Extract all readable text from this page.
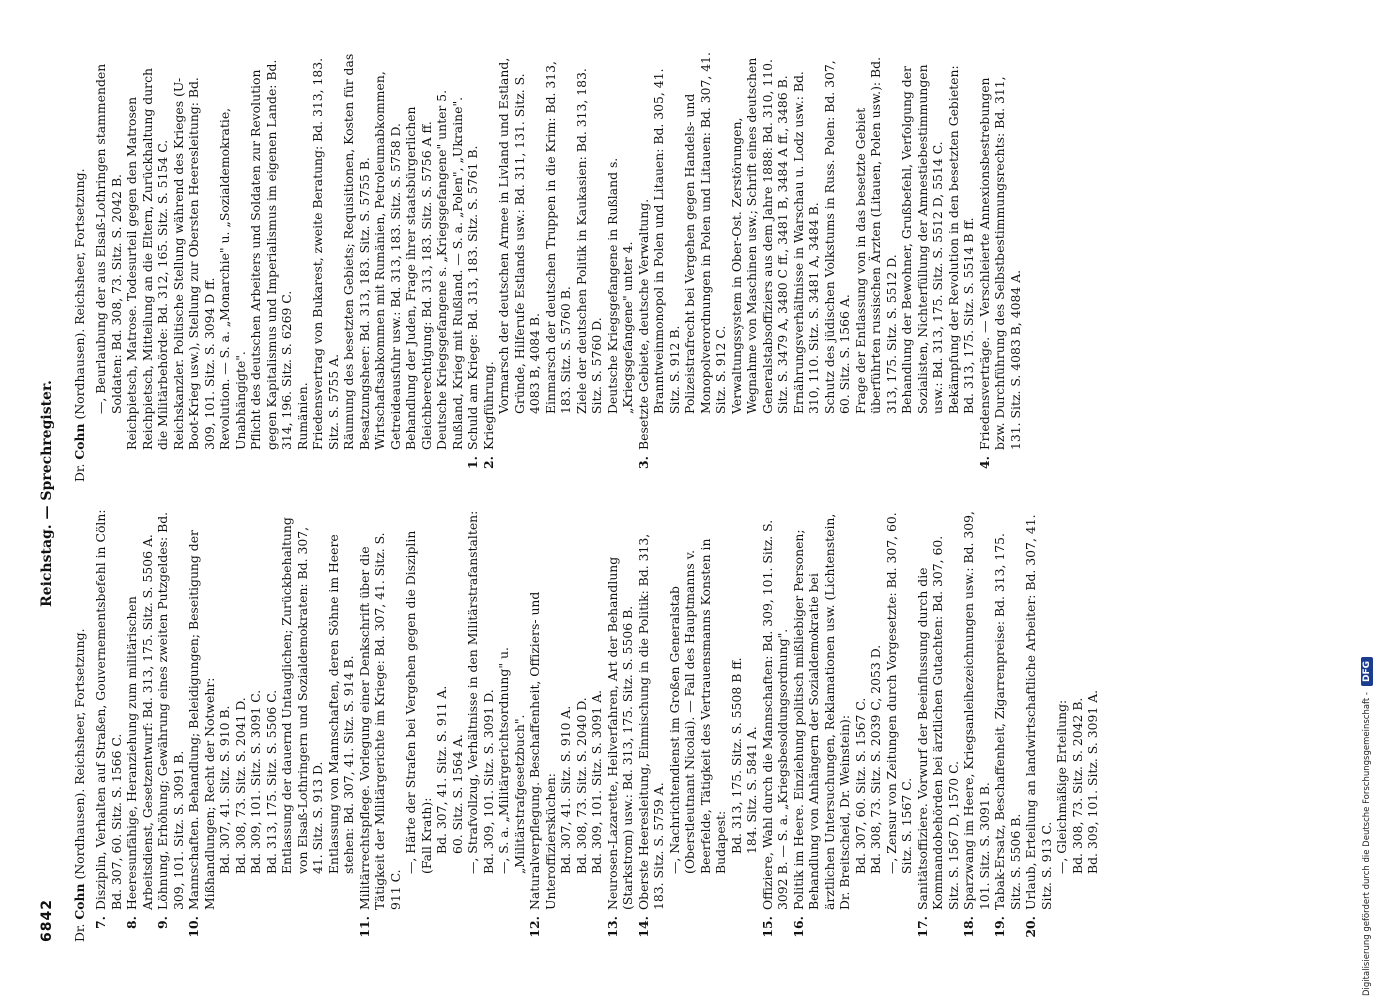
6842
Reichstag. — Sprechregister.
Dr. Cohn (Nordhausen). Reichsheer, Fortsetzung.
7.
Disziplin, Verhalten auf Straßen, Gouvernementsbefehl in Cöln: Bd. 307, 60. Sitz. S. 1566 C.
8.
Heeresunfähige, Heranziehung zum militärischen Arbeitsdienst, Gesetzentwurf: Bd. 313, 175. Sitz. S. 5506 A.
9.
Löhnung, Erhöhung; Gewährung eines zweiten Putzgeldes: Bd. 309, 101. Sitz. S. 3091 B.
10.
Mannschaften. Behandlung; Beleidigungen; Beseitigung der Mißhandlungen; Recht der Notwehr: Bd. 307, 41. Sitz. S. 910 B. Bd. 308, 73. Sitz. S. 2041 D. Bd. 309, 101. Sitz. S. 3091 C. Bd. 313, 175. Sitz. S. 5506 C. Entlassung der dauernd Untauglichen; Zurückbehaltung von Elsaß-Lothringern und Sozialdemokraten: Bd. 307, 41. Sitz. S. 913 D. Entlassung von Mannschaften, deren Söhne im Heere stehen: Bd. 307, 41. Sitz. S. 914 B.
11.
Militärrechtspflege. Vorlegung einer Denkschrift über die Tätigkeit der Militärgerichte im Kriege: Bd. 307, 41. Sitz. S. 911 C.
—, Härte der Strafen bei Vergehen gegen die Disziplin (Fall Krath): Bd. 307, 41. Sitz. S. 911 A. 60. Sitz. S. 1564 A. —, Strafvollzug, Verhältnisse in den Militärstrafanstalten: Bd. 309, 101. Sitz. S. 3091 D. —, S. a. „Militärgerichtsordnung" u. „Militärstrafgesetzbuch".
12.
Naturalverpflegung. Beschaffenheit, Offiziers- und Unteroffiziersküchen: Bd. 307, 41. Sitz. S. 910 A. Bd. 308, 73. Sitz. S. 2040 D. Bd. 309, 101. Sitz. S. 3091 A.
13.
Neurosen-Lazarette, Heilverfahren, Art der Behandlung (Starkstrom) usw.: Bd. 313, 175. Sitz. S. 5506 B.
14.
Oberste Heeresleitung, Einmischung in die Politik: Bd. 313, 183. Sitz. S. 5759 A. —, Nachrichtendienst im Großen Generalstab (Oberstleutnant Nicolai). — Fall des Hauptmanns v. Beerfelde, Tätigkeit des Vertrauensmanns Konsten in Budapest: Bd. 313, 175. Sitz. S. 5508 B ff. 184. Sitz. S. 5841 A.
15.
Offiziere, Wahl durch die Mannschaften: Bd. 309, 101. Sitz. S. 3092 B. — S. a. „Kriegsbesoldungsordnung".
16.
Politik im Heere. Einziehung politisch mißliebiger Personen; Behandlung von Anhängern der Sozialdemokratie bei ärztlichen Untersuchungen, Reklamationen usw. (Lichtenstein, Dr. Breitscheid, Dr. Weinstein): Bd. 307, 60. Sitz. S. 1567 C. Bd. 308, 73. Sitz. S. 2039 C, 2053 D. —, Zensur von Zeitungen durch Vorgesetzte: Bd. 307, 60. Sitz. S. 1567 C.
17.
Sanitätsoffiziere. Vorwurf der Beeinflussung durch die Kommandobehörden bei ärztlichen Gutachten: Bd. 307, 60. Sitz. S. 1567 D, 1570 C.
18.
Sparzwang im Heere, Kriegsanleihezeichnungen usw.: Bd. 309, 101. Sitz. S. 3091 B.
19.
Tabak-Ersatz, Beschaffenheit, Zigarrenpreise: Bd. 313, 175. Sitz. S. 5506 B.
20.
Urlaub, Erteilung an landwirtschaftliche Arbeiter: Bd. 307, 41. Sitz. S. 913 C. —, Gleichmäßige Erteilung: Bd. 308, 73. Sitz. S. 2042 B. Bd. 309, 101. Sitz. S. 3091 A.
Dr. Cohn (Nordhausen). Reichsheer, Fortsetzung. —, Beurlaubung der aus Elsaß-Lothringen stammenden Soldaten: Bd. 308, 73. Sitz. S. 2042 B. Reichpietsch, Matrose. Todesurteil gegen den Matrosen Reichpietsch, Mitteilung an die Eltern, Zurückhaltung durch die Militärbehörde: Bd. 312, 165. Sitz. S. 5154 C. Reichskanzler. Politische Stellung während des Krieges (U-Boot-Krieg usw.), Stellung zur Obersten Heeresleitung: Bd. 309, 101. Sitz. S. 3094 D ff. Revolution. — S. a. „Monarchie" u. „Sozialdemokratie, Unabhängigte". Pflicht des deutschen Arbeiters und Soldaten zur Revolution gegen Kapitalismus und Imperialismus im eigenen Lande: Bd. 314, 196. Sitz. S. 6269 C. Rumänien. Friedensvertrag von Bukarest, zweite Beratung: Bd. 313, 183. Sitz. S. 5755 A. Räumung des besetzten Gebiets; Requisitionen, Kosten für das Besatzungsheer: Bd. 313, 183. Sitz. S. 5755 B. Wirtschaftsabkommen mit Rumänien, Petroleumabkommen, Getreideausfuhr usw.: Bd. 313, 183. Sitz. S. 5758 D. Behandlung der Juden, Frage ihrer staatsbürgerlichen Gleichberechtigung: Bd. 313, 183. Sitz. S. 5756 A ff. Deutsche Kriegsgefangene s. „Kriegsgefangene" unter 5. Rußland, Krieg mit Rußland. — S. a. „Polen", „Ukraine".
1.
Schuld am Kriege: Bd. 313, 183. Sitz. S. 5761 B.
2.
Kriegführung. Vormarsch der deutschen Armee in Livland und Estland, Gründe, Hilferufe Estlands usw.: Bd. 311, 131. Sitz. S. 4083 B, 4084 B. Einmarsch der deutschen Truppen in die Krim: Bd. 313, 183. Sitz. S. 5760 B. Ziele der deutschen Politik in Kaukasien: Bd. 313, 183. Sitz. S. 5760 D. Deutsche Kriegsgefangene in Rußland s. „Kriegsgefangene" unter 4.
3.
Besetzte Gebiete, deutsche Verwaltung. Branntweinmonopol in Polen und Litauen: Bd. 305, 41. Sitz. S. 912 B. Polizeistrafrecht bei Vergehen gegen Handels- und Monopolverordnungen in Polen und Litauen: Bd. 307, 41. Sitz. S. 912 C. Verwaltungssystem in Ober-Ost. Zerstörungen, Wegnahme von Maschinen usw.; Schrift eines deutschen Generalstabsoffiziers aus dem Jahre 1888: Bd. 310, 110. Sitz. S. 3479 A, 3480 C ff., 3481 B, 3484 A ff., 3486 B. Ernährungsverhältnisse in Warschau u. Lodz usw.: Bd. 310, 110. Sitz. S. 3481 A, 3484 B. Schutz des jüdischen Volkstums in Russ. Polen: Bd. 307, 60. Sitz. S. 1566 A. Frage der Entlassung von in das besetzte Gebiet überführten russischen Ärzten (Litauen, Polen usw.): Bd. 313, 175. Sitz. S. 5512 D. Behandlung der Bewohner, Grußbefehl, Verfolgung der Sozialisten, Nichterfüllung der Amnestiebestimmungen usw.: Bd. 313, 175. Sitz. S. 5512 D, 5514 C. Bekämpfung der Revolution in den besetzten Gebieten: Bd. 313, 175. Sitz. S. 5514 B ff.
4.
Friedensverträge. — Verschleierte Annexionsbestrebungen bzw. Durchführung des Selbstbestimmungsrechts: Bd. 311, 131. Sitz. S. 4083 B, 4084 A.
Digitalisierung gefördert durch die Deutsche Forschungsgemeinschaft -
DFG
